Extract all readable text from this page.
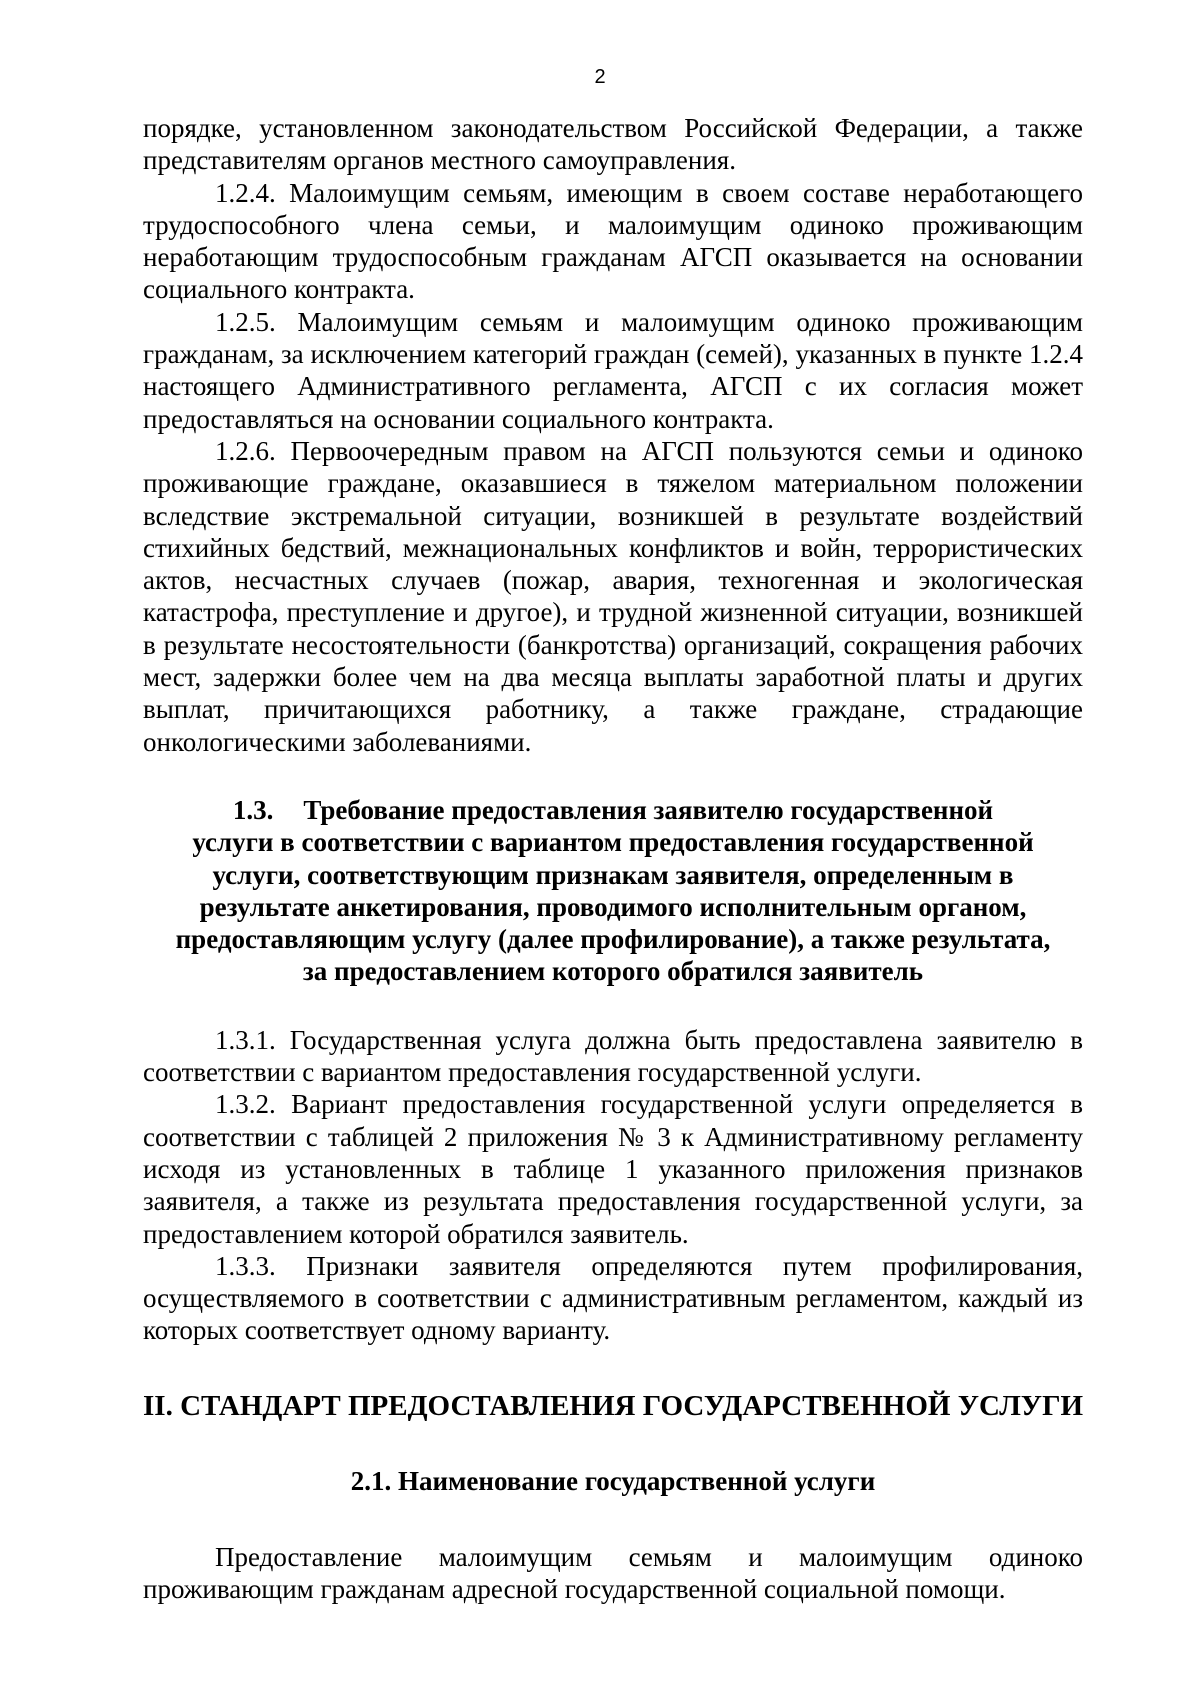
2

порядке, установленном законодательством Российской Федерации, а также представителям органов местного самоуправления.

1.2.4. Малоимущим семьям, имеющим в своем составе неработающего трудоспособного члена семьи, и малоимущим одиноко проживающим неработающим трудоспособным гражданам АГСП оказывается на основании социального контракта.

1.2.5. Малоимущим семьям и малоимущим одиноко проживающим гражданам, за исключением категорий граждан (семей), указанных в пункте 1.2.4 настоящего Административного регламента, АГСП с их согласия может предоставляться на основании социального контракта.

1.2.6. Первоочередным правом на АГСП пользуются семьи и одиноко проживающие граждане, оказавшиеся в тяжелом материальном положении вследствие экстремальной ситуации, возникшей в результате воздействий стихийных бедствий, межнациональных конфликтов и войн, террористических актов, несчастных случаев (пожар, авария, техногенная и экологическая катастрофа, преступление и другое), и трудной жизненной ситуации, возникшей в результате несостоятельности (банкротства) организаций, сокращения рабочих мест, задержки более чем на два месяца выплаты заработной платы и других выплат, причитающихся работнику, а также граждане, страдающие онкологическими заболеваниями.

1.3. Требование предоставления заявителю государственной

услуги в соответствии с вариантом предоставления государственной

услуги, соответствующим признакам заявителя, определенным в

результате анкетирования, проводимого исполнительным органом,

предоставляющим услугу (далее профилирование), а также результата,

за предоставлением которого обратился заявитель

1.3.1. Государственная услуга должна быть предоставлена заявителю в соответствии с вариантом предоставления государственной услуги.

1.3.2. Вариант предоставления государственной услуги определяется в соответствии с таблицей 2 приложения № 3 к Административному регламенту исходя из установленных в таблице 1 указанного приложения признаков заявителя, а также из результата предоставления государственной услуги, за предоставлением которой обратился заявитель.

1.3.3. Признаки заявителя определяются путем профилирования, осуществляемого в соответствии с административным регламентом, каждый из которых соответствует одному варианту.

II. СТАНДАРТ ПРЕДОСТАВЛЕНИЯ ГОСУДАРСТВЕННОЙ УСЛУГИ

2.1. Наименование государственной услуги

Предоставление малоимущим семьям и малоимущим одиноко проживающим гражданам адресной государственной социальной помощи.
